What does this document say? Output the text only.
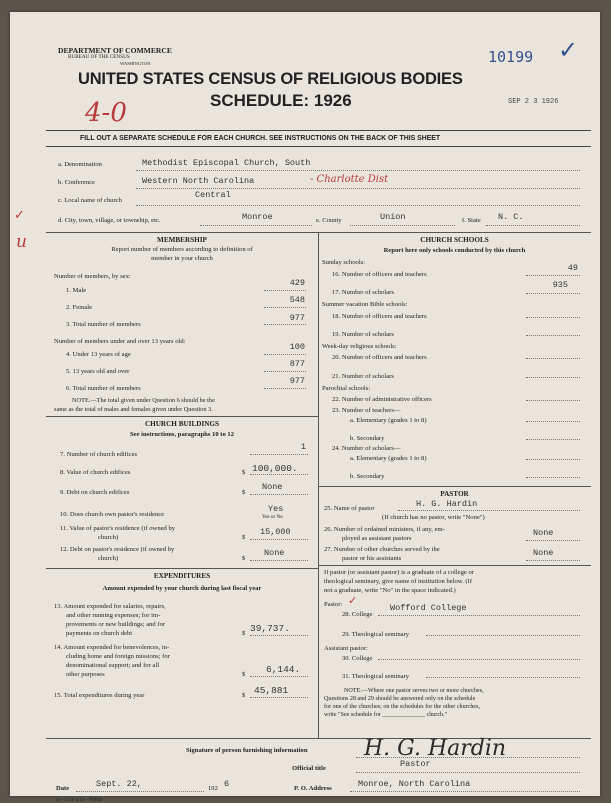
DEPARTMENT OF COMMERCE
BUREAU OF THE CENSUS
WASHINGTON	10199 ✓
UNITED STATES CENSUS OF RELIGIOUS BODIES
SCHEDULE: 1926	SEP 2 3 1926
4-0
FILL OUT A SEPARATE SCHEDULE FOR EACH CHURCH. SEE INSTRUCTIONS ON THE BACK OF THIS SHEET
a. Denomination	Methodist Episcopal Church, South
b. Conference	Western North Carolina	- Charlotte Dist
c. Local name of church
Central
✓
u
d. City, town, village, or township, etc.	Monroe	e. County	Union	f. State N. C.
MEMBERSHIP
Report number of members according to definition of
member in your church
Number of members, by sex:
1. Male
429
2. Female
548
3. Total number of members
977
Number of members under and over 13 years old:
4. Under 13 years of age
100
5. 13 years old and over
877
6. Total number of members
977
NOTE.—The total given under Question 6 should be the
same as the total of males and females given under Question 3.
CHURCH BUILDINGS
See instructions, paragraphs 10 to 12
7. Number of church edifices
1
8. Value of church edifices	$ 100,000.
9. Debt on church edifices	$
None
10. Does church own pastor's residence
Yes
Yes or No
11. Value of pastor's residence (if owned by
church)	$
15,000
12. Debt on pastor's residence (if owned by
church)	$
None
EXPENDITURES
Amount expended by your church during last fiscal year
13. Amount expended for salaries, repairs,
and other running expenses; for im-
provements or new buildings; and for
payments on church debt	$ 39,737.
14. Amount expended for benevolences, in-
cluding home and foreign missions; for
denominational support; and for all
other purposes	$ 6,144.
15. Total expenditures during year	$ 45,881
CHURCH SCHOOLS
Report here only schools conducted by this church
Sunday schools:
16. Number of officers and teachers
49
17. Number of scholars
935
Summer vacation Bible schools:
18. Number of officers and teachers
19. Number of scholars
Week-day religious schools:
20. Number of officers and teachers
21. Number of scholars
Parochial schools:
22. Number of administrative officers
23. Number of teachers—
a. Elementary (grades 1 to 8)
b. Secondary
24. Number of scholars—
a. Elementary (grades 1 to 8)
b. Secondary
PASTOR
25. Name of pastor	H. G. Hardin
(If church has no pastor, write "None")
26. Number of ordained ministers, if any, em-
ployed as assistant pastors
None
27. Number of other churches served by the
pastor or his assistants
None
If pastor (or assistant pastor) is a graduate of a college or
theological seminary, give name of institution below. (If
not a graduate, write "No" in the space indicated.)
Pastor: ✓
28. College
Wofford College
29. Theological seminary
Assistant pastor:
30. College
31. Theological seminary
NOTE.—Where one pastor serves two or more churches,
Questions 28 and 29 should be answered only on the schedule
for one of the churches; on the schedules for the other churches,
write "See schedule for ______________ church."
Signature of person furnishing information	H. G. Hardin
Official title	Pastor
Date	Sept. 22,	192 6	P. O. Address	Monroe, North Carolina
S—5518 a 11—9064b
